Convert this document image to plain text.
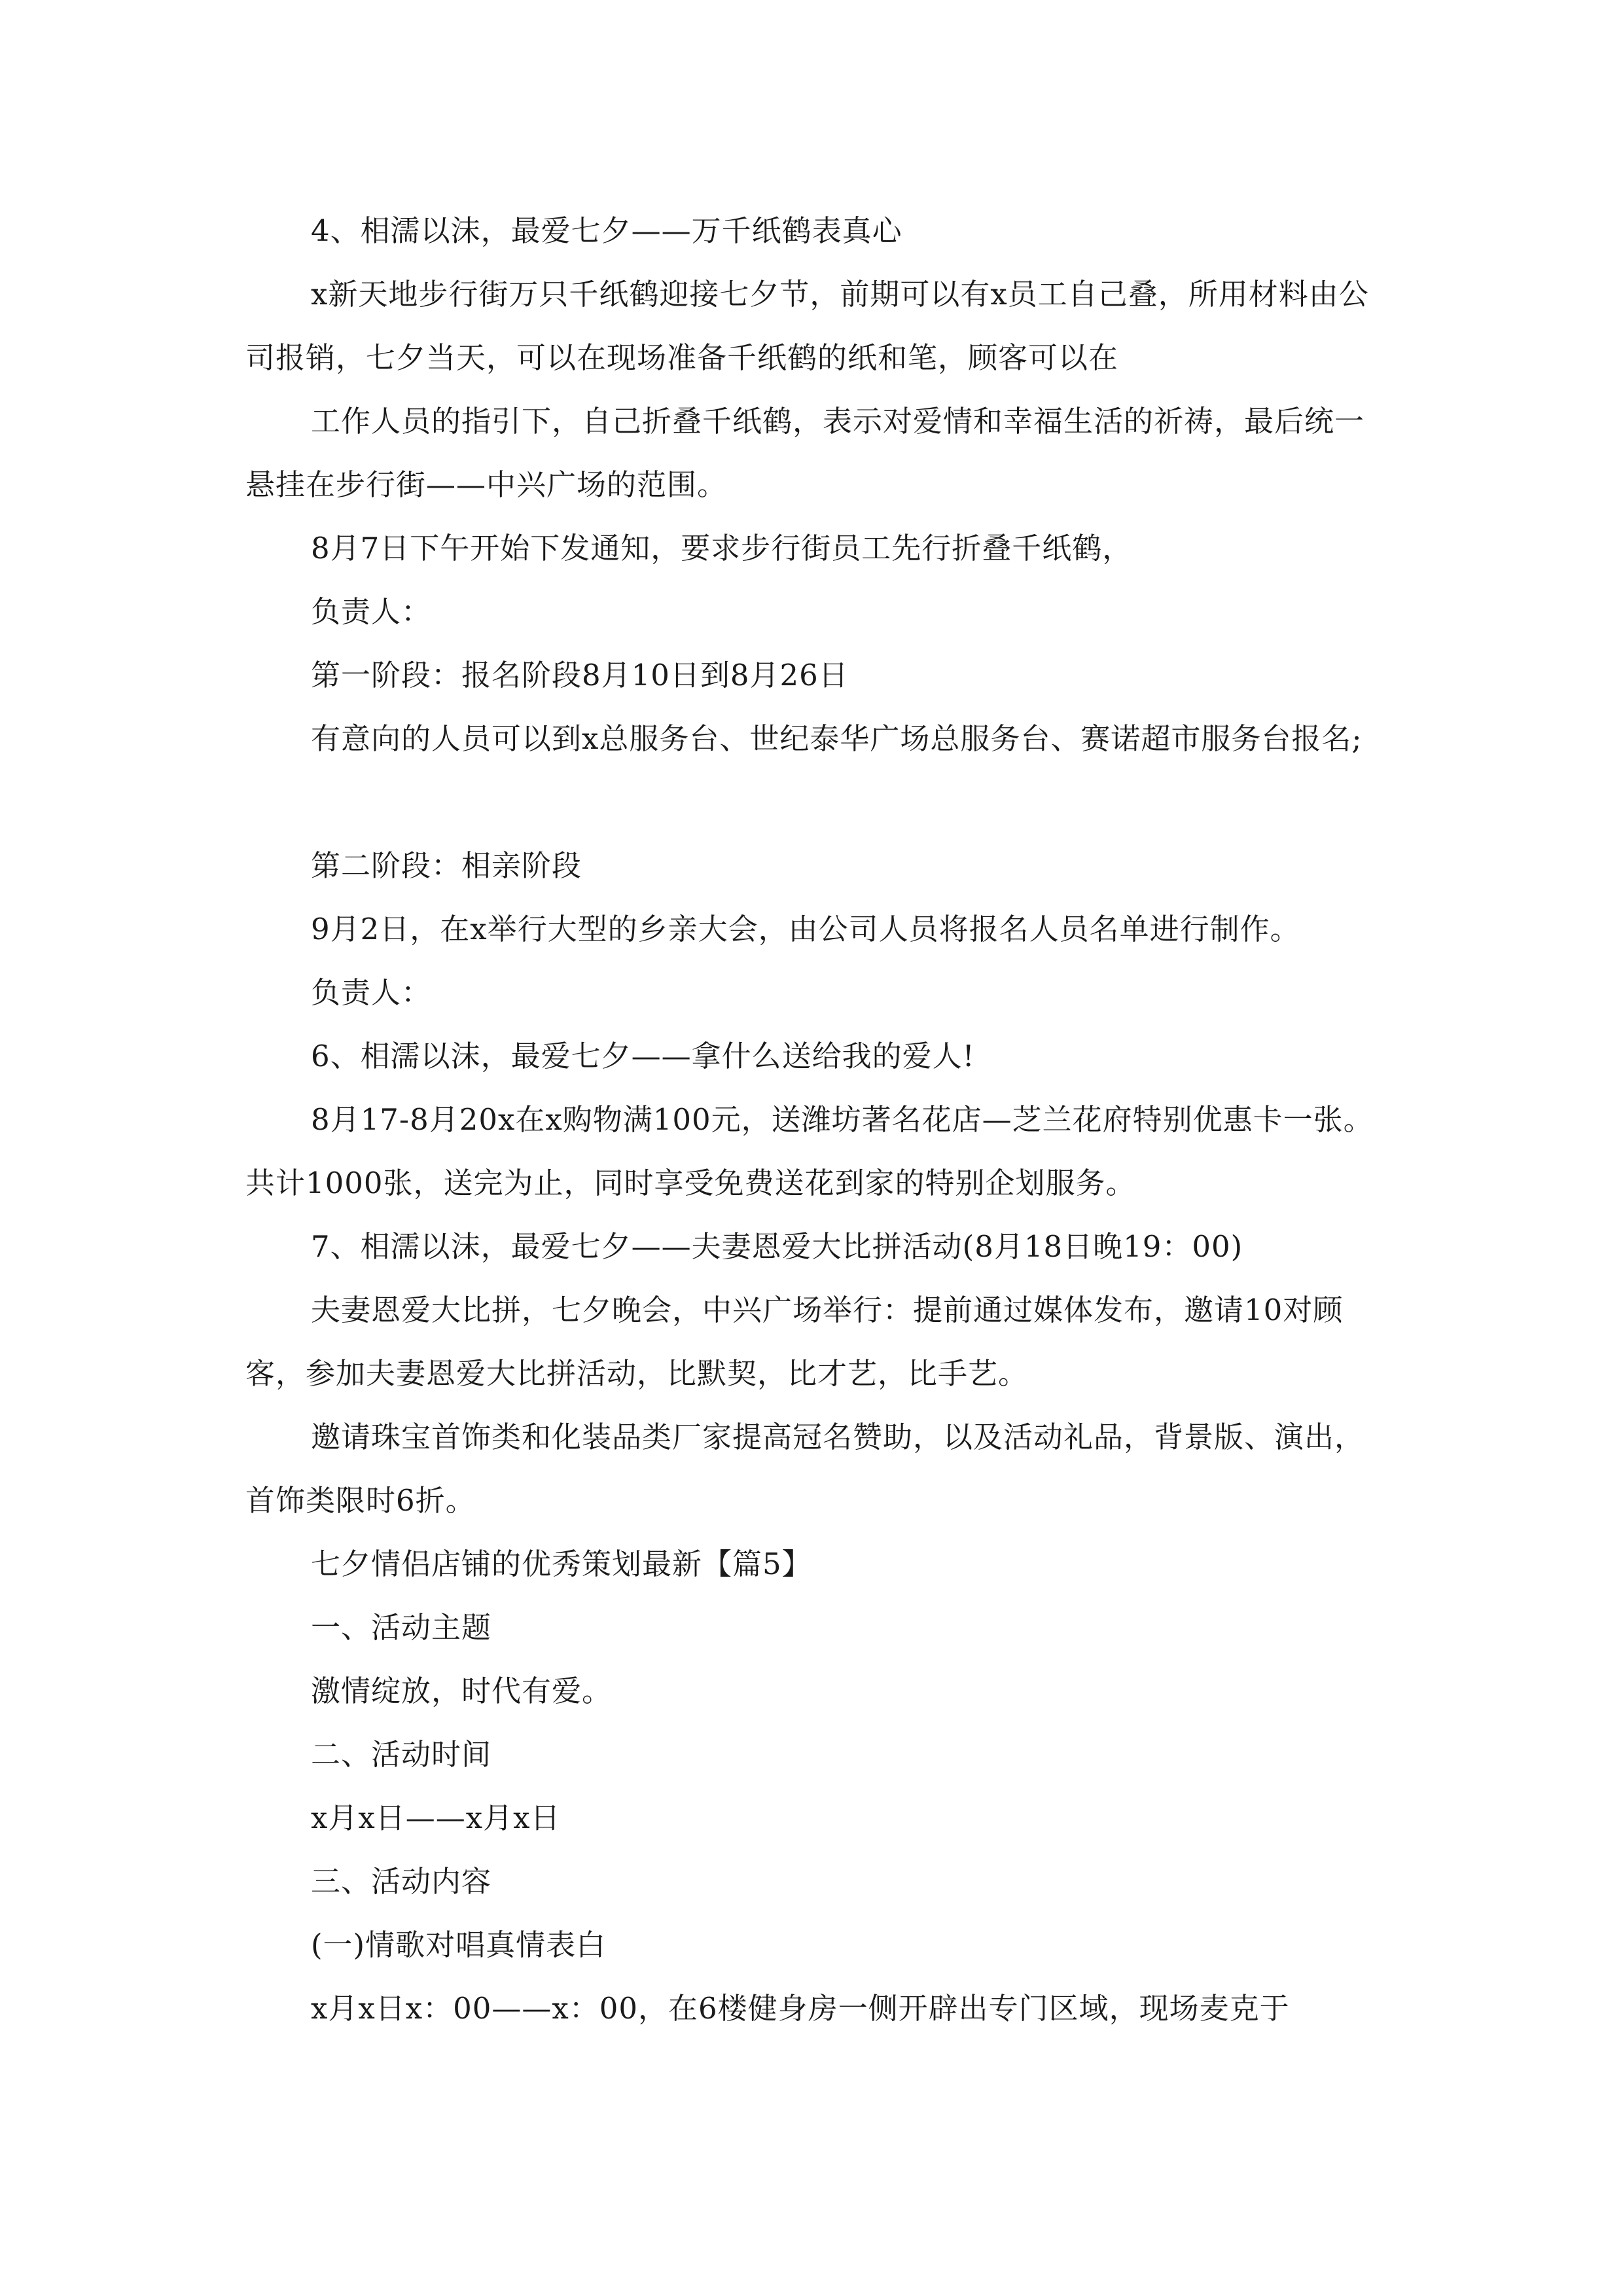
4、相濡以沫，最爱七夕——万千纸鹤表真心

x新天地步行街万只千纸鹤迎接七夕节，前期可以有x员工自己叠，所用材料由公司报销，七夕当天，可以在现场准备千纸鹤的纸和笔，顾客可以在

工作人员的指引下，自己折叠千纸鹤，表示对爱情和幸福生活的祈祷，最后统一悬挂在步行街——中兴广场的范围。

8月7日下午开始下发通知，要求步行街员工先行折叠千纸鹤，

负责人：

第一阶段：报名阶段8月10日到8月26日

有意向的人员可以到x总服务台、世纪泰华广场总服务台、赛诺超市服务台报名;

第二阶段：相亲阶段

9月2日，在x举行大型的乡亲大会，由公司人员将报名人员名单进行制作。

负责人：

6、相濡以沫，最爱七夕——拿什么送给我的爱人!

8月17-8月20x在x购物满100元，送潍坊著名花店—芝兰花府特别优惠卡一张。共计1000张，送完为止，同时享受免费送花到家的特别企划服务。

7、相濡以沫，最爱七夕——夫妻恩爱大比拼活动(8月18日晚19：00)

夫妻恩爱大比拼，七夕晚会，中兴广场举行：提前通过媒体发布，邀请10对顾客，参加夫妻恩爱大比拼活动，比默契，比才艺，比手艺。

邀请珠宝首饰类和化装品类厂家提高冠名赞助，以及活动礼品，背景版、演出，首饰类限时6折。

七夕情侣店铺的优秀策划最新【篇5】

一、活动主题

激情绽放，时代有爱。

二、活动时间

x月x日——x月x日

三、活动内容

(一)情歌对唱真情表白

x月x日x：00——x：00，在6楼健身房一侧开辟出专门区域，现场麦克于
